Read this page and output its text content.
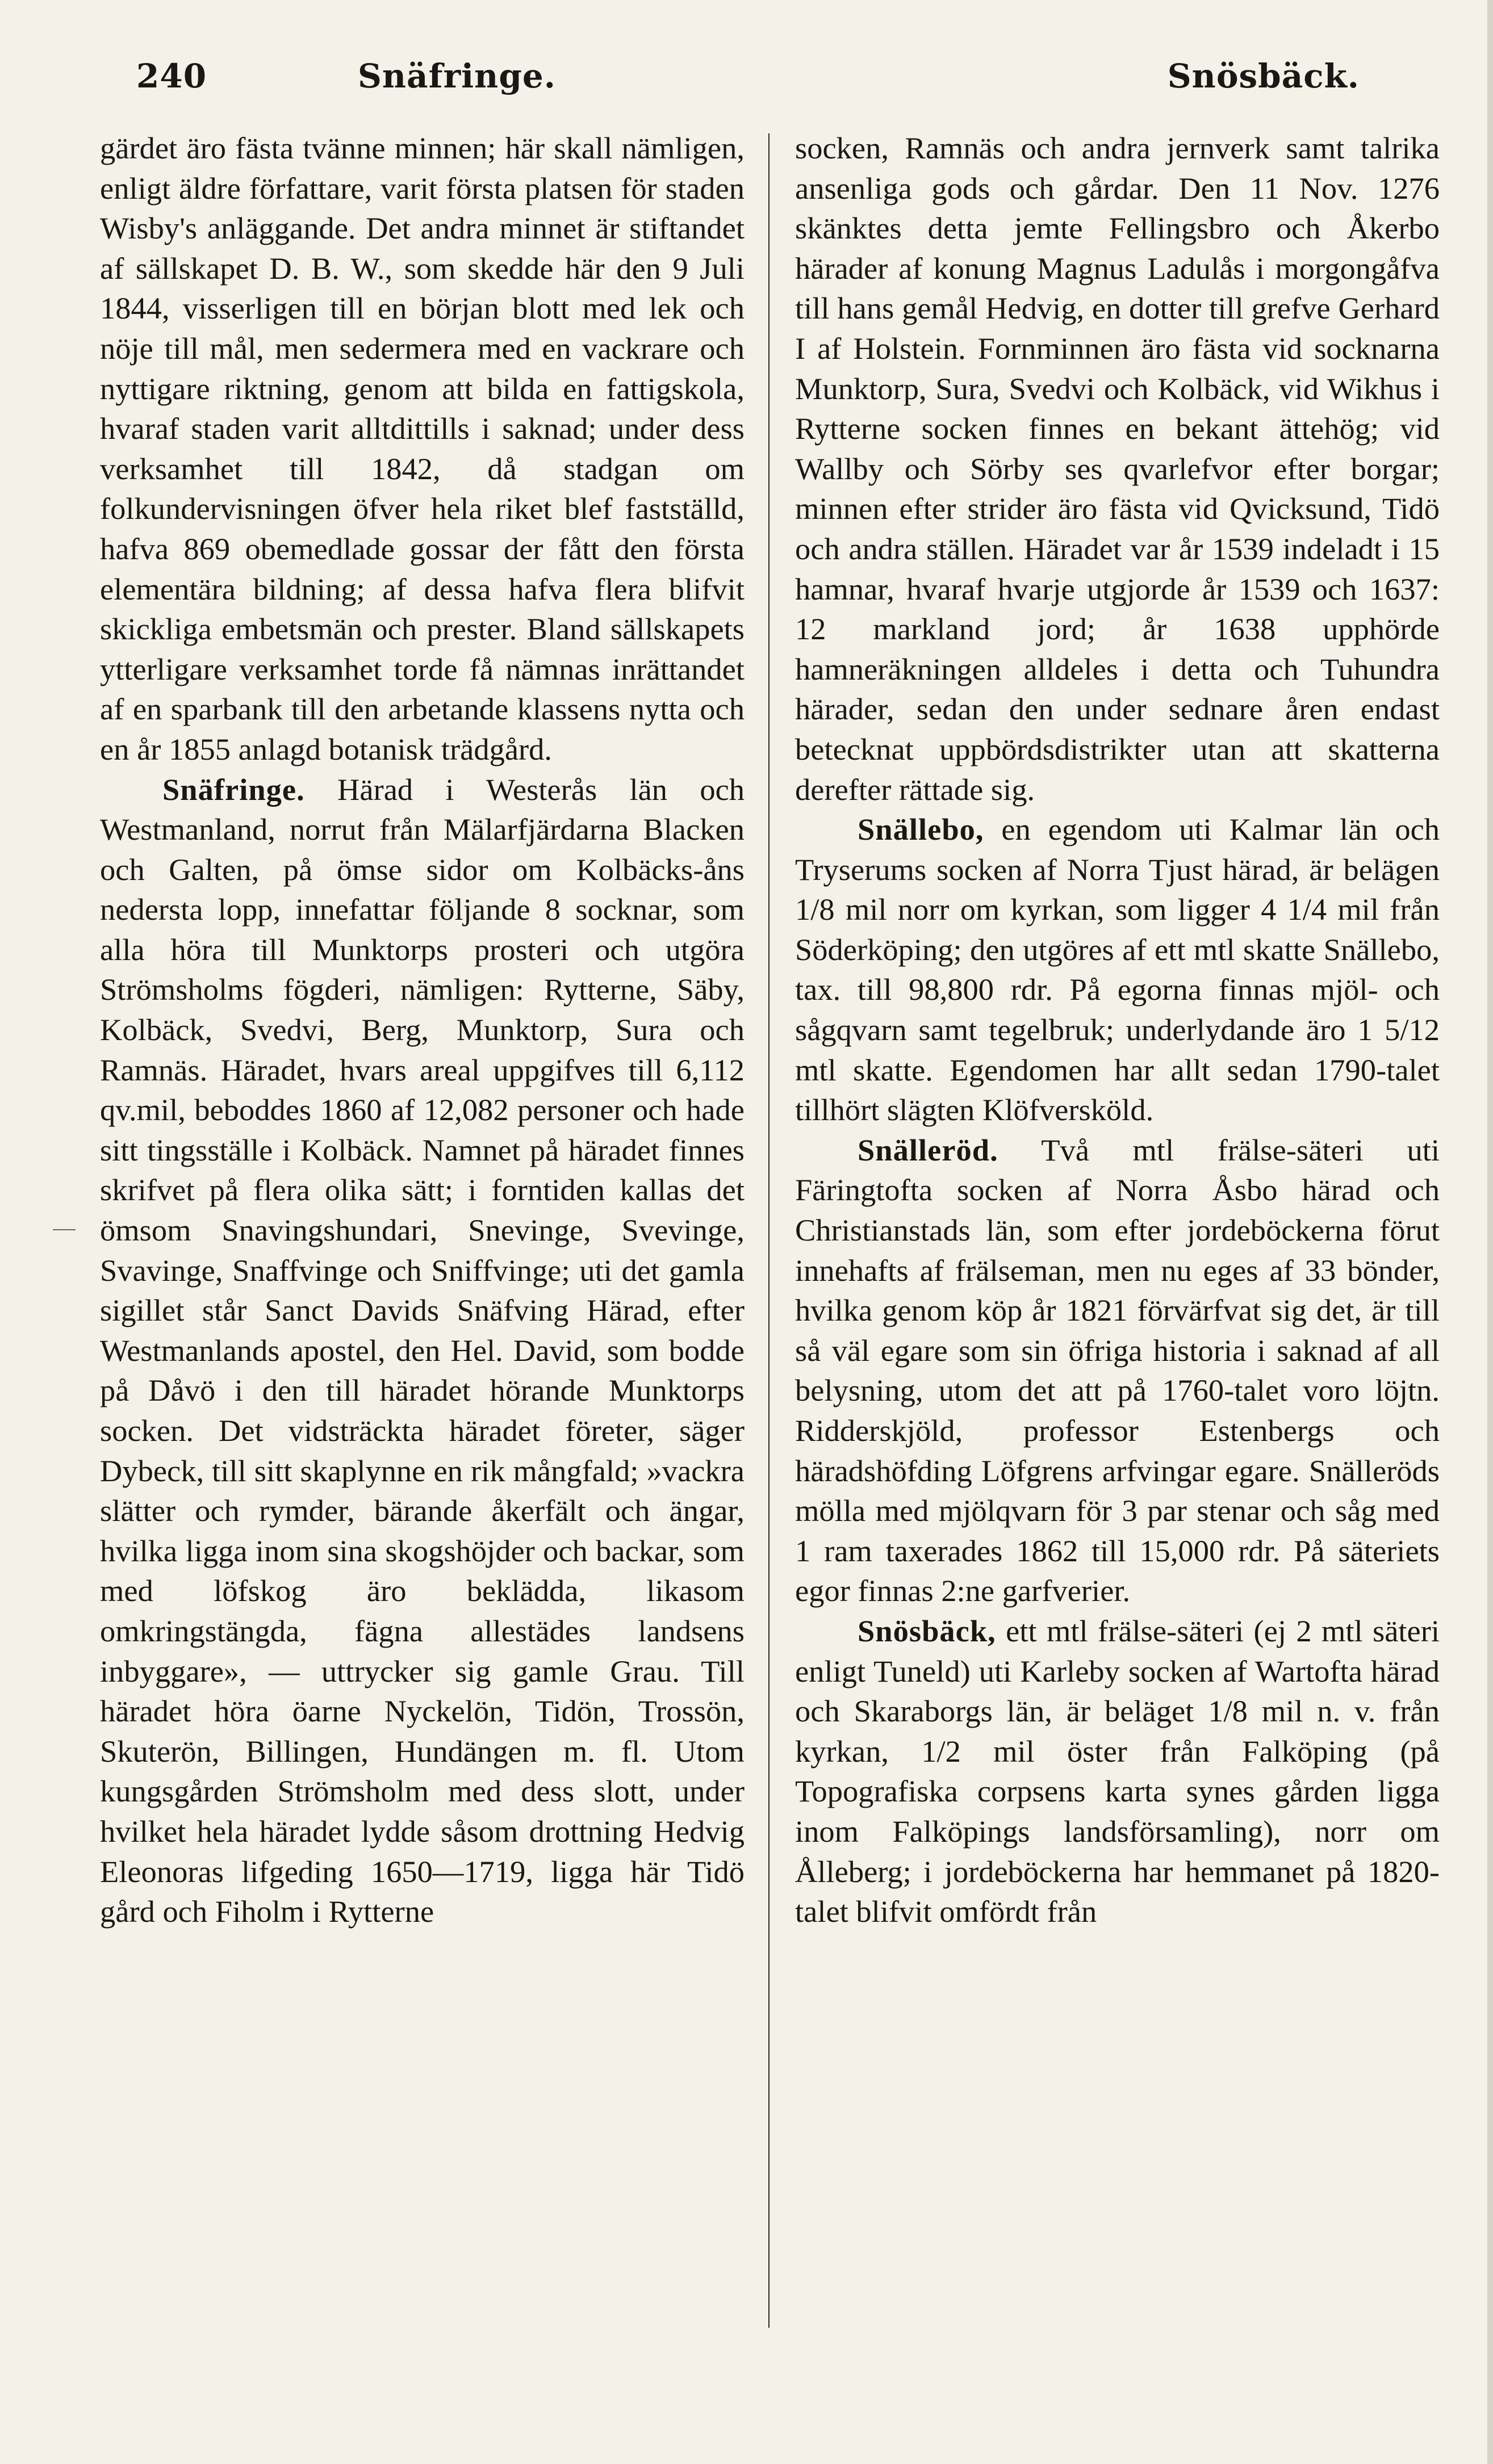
240	Snäfringe.	Snösbäck.

gärdet äro fästa tvänne minnen; här skall nämligen, enligt äldre författare, varit första platsen för staden Wisby's anläggande. Det andra minnet är stiftandet af sällskapet D. B. W., som skedde här den 9 Juli 1844, visserligen till en början blott med lek och nöje till mål, men sedermera med en vackrare och nyttigare riktning, genom att bilda en fattigskola, hvaraf staden varit alltdittills i saknad; under dess verksamhet till 1842, då stadgan om folkundervisningen öfver hela riket blef fastställd, hafva 869 obemedlade gossar der fått den första elementära bildning; af dessa hafva flera blifvit skickliga embetsmän och prester. Bland sällskapets ytterligare verksamhet torde få nämnas inrättandet af en sparbank till den arbetande klassens nytta och en år 1855 anlagd botanisk trädgård.

Snäfringe. Härad i Westerås län och Westmanland, norrut från Mälarfjärdarna Blacken och Galten, på ömse sidor om Kolbäcks-åns nedersta lopp, innefattar följande 8 socknar, som alla höra till Munktorps prosteri och utgöra Strömsholms fögderi, nämligen: Rytterne, Säby, Kolbäck, Svedvi, Berg, Munktorp, Sura och Ramnäs. Häradet, hvars areal uppgifves till 6,112 qv.mil, beboddes 1860 af 12,082 personer och hade sitt tingsställe i Kolbäck. Namnet på häradet finnes skrifvet på flera olika sätt; i forntiden kallas det ömsom Snavingshundari, Snevinge, Svevinge, Svavinge, Snaffvinge och Sniffvinge; uti det gamla sigillet står Sanct Davids Snäfving Härad, efter Westmanlands apostel, den Hel. David, som bodde på Dåvö i den till häradet hörande Munktorps socken. Det vidsträckta häradet företer, säger Dybeck, till sitt skaplynne en rik mångfald; »vackra slätter och rymder, bärande åkerfält och ängar, hvilka ligga inom sina skogshöjder och backar, som med löfskog äro beklädda, likasom omkringstängda, fägna allestädes landsens inbyggare», — uttrycker sig gamle Grau. Till häradet höra öarne Nyckelön, Tidön, Trossön, Skuterön, Billingen, Hundängen m. fl. Utom kungsgården Strömsholm med dess slott, under hvilket hela häradet lydde såsom drottning Hedvig Eleonoras lifgeding 1650—1719, ligga här Tidö gård och Fiholm i Rytterne

socken, Ramnäs och andra jernverk samt talrika ansenliga gods och gårdar. Den 11 Nov. 1276 skänktes detta jemte Fellingsbro och Åkerbo härader af konung Magnus Ladulås i morgongåfva till hans gemål Hedvig, en dotter till grefve Gerhard I af Holstein. Fornminnen äro fästa vid socknarna Munktorp, Sura, Svedvi och Kolbäck, vid Wikhus i Rytterne socken finnes en bekant ättehög; vid Wallby och Sörby ses qvarlefvor efter borgar; minnen efter strider äro fästa vid Qvicksund, Tidö och andra ställen. Häradet var år 1539 indeladt i 15 hamnar, hvaraf hvarje utgjorde år 1539 och 1637: 12 markland jord; år 1638 upphörde hamneräkningen alldeles i detta och Tuhundra härader, sedan den under sednare åren endast betecknat uppbördsdistrikter utan att skatterna derefter rättade sig.

Snällebo, en egendom uti Kalmar län och Tryserums socken af Norra Tjust härad, är belägen 1/8 mil norr om kyrkan, som ligger 4 1/4 mil från Söderköping; den utgöres af ett mtl skatte Snällebo, tax. till 98,800 rdr. På egorna finnas mjöl- och sågqvarn samt tegelbruk; underlydande äro 1 5/12 mtl skatte. Egendomen har allt sedan 1790-talet tillhört slägten Klöfversköld.

Snälleröd. Två mtl frälse-säteri uti Färingtofta socken af Norra Åsbo härad och Christianstads län, som efter jordeböckerna förut innehafts af frälseman, men nu eges af 33 bönder, hvilka genom köp år 1821 förvärfvat sig det, är till så väl egare som sin öfriga historia i saknad af all belysning, utom det att på 1760-talet voro löjtn. Ridderskjöld, professor Estenbergs och häradshöfding Löfgrens arfvingar egare. Snälleröds mölla med mjölqvarn för 3 par stenar och såg med 1 ram taxerades 1862 till 15,000 rdr. På säteriets egor finnas 2:ne garfverier.

Snösbäck, ett mtl frälse-säteri (ej 2 mtl säteri enligt Tuneld) uti Karleby socken af Wartofta härad och Skaraborgs län, är beläget 1/8 mil n. v. från kyrkan, 1/2 mil öster från Falköping (på Topografiska corpsens karta synes gården ligga inom Falköpings landsförsamling), norr om Ålleberg; i jordeböckerna har hemmanet på 1820-talet blifvit omfördt från
